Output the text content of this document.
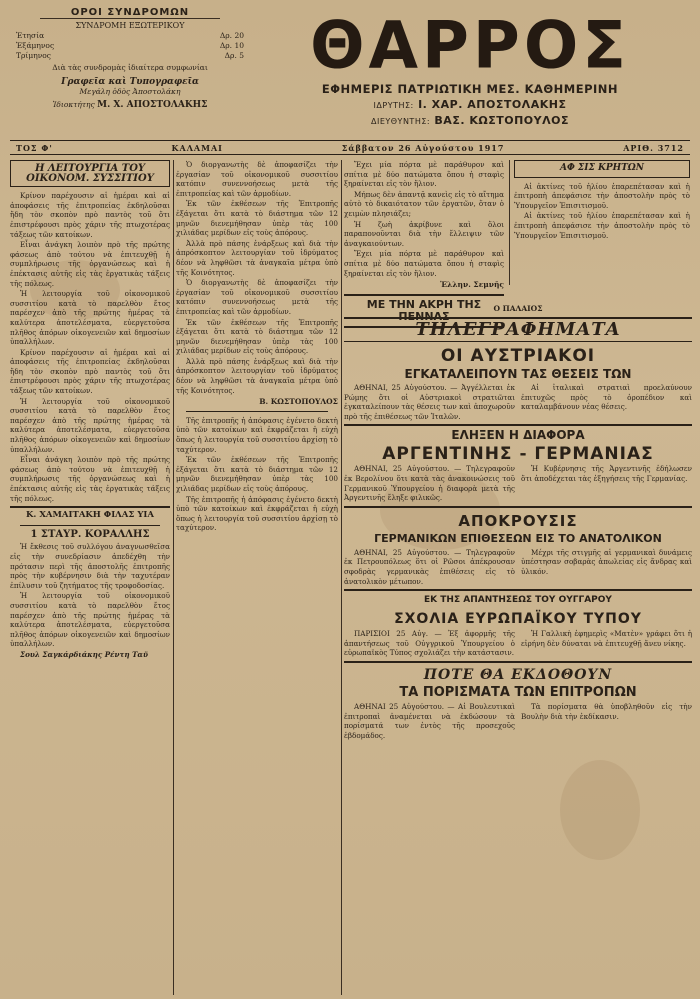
ΟΡΟΙ ΣΥΝΔΡΟΜΩΝ
ΣΥΝΔΡΟΜΗ ΕΞΩΤΕΡΙΚΟΥ
Ἐτησία	Δρ. 20
Ἑξάμηνος	Δρ. 10
Τρίμηνος	Δρ. 5
Διὰ τὰς συνδρομὰς ἰδιαίτερα συμφωνίαι
Γραφεῖα καὶ Τυπογραφεῖα
Μεγάλη ὁδὸς Ἀποστολάκη
Ἰδιοκτήτης Μ. Χ. ΑΠΟΣΤΟΛΑΚΗΣ
ΘΑΡΡΟΣ
ΕΦΗΜΕΡΙΣ ΠΑΤΡΙΩΤΙΚΗ ΜΕΣ. ΚΑΘΗΜΕΡΙΝΗ
ΙΔΡΥΤΗΣ: Ι. ΧΑΡ. ΑΠΟΣΤΟΛΑΚΗΣ
ΔΙΕΥΘΥΝΤΗΣ: ΒΑΣ. ΚΩΣΤΟΠΟΥΛΟΣ
ΤΟΣ Φ'	ΚΑΛΑΜΑΙ	Σάββατον 26 Αὐγούστου 1917	ΑΡΙΘ. 3712
Η ΛΕΙΤΟΥΡΓΙΑ ΤΟΥ ΟΙΚΟΝΟΜ. ΣΥΣΣΙΤΙΟΥ

Κρίνον παρέχουσιν αἱ ἡμέραι καὶ αἱ ἀποφάσεις τῆς ἐπιτροπείας ἐκδηλοῦσαι ἤδη τὸν σκοπὸν πρὸ παντὸς τοῦ ὅτι ἐπιστρέφουσι πρὸς χάριν τῆς πτωχοτέρας τάξεως τῶν κατοίκων.

Εἶναι ἀνάγκη λοιπὸν πρὸ τῆς πρώτης φάσεως ἀπὸ τούτου νὰ ἐπιτευχθῇ ἡ συμπλήρωσις τῆς ὀργανώσεως καὶ ἡ ἐπέκτασις αὐτῆς εἰς τὰς ἐργατικὰς τάξεις τῆς πόλεως.

Ἡ λειτουργία τοῦ οἰκονομικοῦ συσσιτίου κατὰ τὸ παρελθὸν ἔτος παρέσχεν ἀπὸ τῆς πρώτης ἡμέρας τὰ καλύτερα ἀποτελέσματα, εὐεργετοῦσα πλῆθος ἀπόρων οἰκογενειῶν καὶ δημοσίων ὑπαλλήλων.

Κρίνον παρέχουσιν αἱ ἡμέραι καὶ αἱ ἀποφάσεις τῆς ἐπιτροπείας ἐκδηλοῦσαι ἤδη τὸν σκοπὸν πρὸ παντὸς τοῦ ὅτι ἐπιστρέφουσι πρὸς χάριν τῆς πτωχοτέρας τάξεως τῶν κατοίκων.

Ἡ λειτουργία τοῦ οἰκονομικοῦ συσσιτίου κατὰ τὸ παρελθὸν ἔτος παρέσχεν ἀπὸ τῆς πρώτης ἡμέρας τὰ καλύτερα ἀποτελέσματα, εὐεργετοῦσα πλῆθος ἀπόρων οἰκογενειῶν καὶ δημοσίων ὑπαλλήλων.

Εἶναι ἀνάγκη λοιπὸν πρὸ τῆς πρώτης φάσεως ἀπὸ τούτου νὰ ἐπιτευχθῇ ἡ συμπλήρωσις τῆς ὀργανώσεως καὶ ἡ ἐπέκτασις αὐτῆς εἰς τὰς ἐργατικὰς τάξεις τῆς πόλεως.

Κ. ΧΑΜΑΙΤΑΚΗ ΦΙΛΑΣ ΥΙΑ
1 ΣΤΑΥΡ. ΚΟΡΑΛΛΗΣ

Ἡ ἔκθεσις τοῦ συλλόγου ἀναγνωσθεῖσα εἰς τὴν συνεδρίασιν ἀπεδέχθη τὴν πρότασιν περὶ τῆς ἀποστολῆς ἐπιτροπῆς πρὸς τὴν κυβέρνησιν διὰ τὴν ταχυτέραν ἐπίλυσιν τοῦ ζητήματος τῆς τροφοδοσίας.

Ἡ λειτουργία τοῦ οἰκονομικοῦ συσσιτίου κατὰ τὸ παρελθὸν ἔτος παρέσχεν ἀπὸ τῆς πρώτης ἡμέρας τὰ καλύτερα ἀποτελέσματα, εὐεργετοῦσα πλῆθος ἀπόρων οἰκογενειῶν καὶ δημοσίων ὑπαλλήλων.

Σουλ Σαγκάρδιάκης Ρέντη Ταϋ

Ὁ διοργανωτὴς δὲ ἀποφασίζει τὴν ἐργασίαν τοῦ οἰκονομικοῦ συσσιτίου κατόπιν συνεννοήσεως μετὰ τῆς ἐπιτροπείας καὶ τῶν ἁρμοδίων.

Ἐκ τῶν ἐκθέσεων τῆς Ἐπιτροπῆς ἐξάγεται ὅτι κατὰ τὸ διάστημα τῶν 12 μηνῶν διενεμήθησαν ὑπὲρ τὰς 100 χιλιάδας μερίδων εἰς τοὺς ἀπόρους.

Ἀλλὰ πρὸ πάσης ἐνάρξεως καὶ διὰ τὴν ἀπρόσκοπτον λειτουργίαν τοῦ ἱδρύματος δέον νὰ ληφθῶσι τὰ ἀναγκαῖα μέτρα ὑπὸ τῆς Κοινότητος.

Ὁ διοργανωτὴς δὲ ἀποφασίζει τὴν ἐργασίαν τοῦ οἰκονομικοῦ συσσιτίου κατόπιν συνεννοήσεως μετὰ τῆς ἐπιτροπείας καὶ τῶν ἁρμοδίων.

Ἐκ τῶν ἐκθέσεων τῆς Ἐπιτροπῆς ἐξάγεται ὅτι κατὰ τὸ διάστημα τῶν 12 μηνῶν διενεμήθησαν ὑπὲρ τὰς 100 χιλιάδας μερίδων εἰς τοὺς ἀπόρους.

Ἀλλὰ πρὸ πάσης ἐνάρξεως καὶ διὰ τὴν ἀπρόσκοπτον λειτουργίαν τοῦ ἱδρύματος δέον νὰ ληφθῶσι τὰ ἀναγκαῖα μέτρα ὑπὸ τῆς Κοινότητος.

Β. ΚΩΣΤΟΠΟΥΛΟΣ

Τῆς ἐπιτροπῆς ἡ ἀπόφασις ἐγένετο δεκτὴ ὑπὸ τῶν κατοίκων καὶ ἐκφράζεται ἡ εὐχὴ ὅπως ἡ λειτουργία τοῦ συσσιτίου ἀρχίσῃ τὸ ταχύτερον.

Ἐκ τῶν ἐκθέσεων τῆς Ἐπιτροπῆς ἐξάγεται ὅτι κατὰ τὸ διάστημα τῶν 12 μηνῶν διενεμήθησαν ὑπὲρ τὰς 100 χιλιάδας μερίδων εἰς τοὺς ἀπόρους.

Τῆς ἐπιτροπῆς ἡ ἀπόφασις ἐγένετο δεκτὴ ὑπὸ τῶν κατοίκων καὶ ἐκφράζεται ἡ εὐχὴ ὅπως ἡ λειτουργία τοῦ συσσιτίου ἀρχίσῃ τὸ ταχύτερον.

Ἔχει μία πόρτα μὲ παράθυρον καὶ σπίτια μὲ δύο πατώματα ὅπου ἡ σταφὶς ξηραίνεται εἰς τὸν ἥλιον.

Μήπως δὲν ἀπαντᾷ κανεὶς εἰς τὸ αἴτημα αὐτὸ τὸ δικαιότατον τῶν ἐργατῶν, ὅταν ὁ χειμὼν πλησιάζει;

Ἡ ζωὴ ἀκρίβυνε καὶ ὅλοι παραπονοῦνται διὰ τὴν ἔλλειψιν τῶν ἀναγκαιούντων.

Ἔχει μία πόρτα μὲ παράθυρον καὶ σπίτια μὲ δύο πατώματα ὅπου ἡ σταφὶς ξηραίνεται εἰς τὸν ἥλιον.

Ἑλλην. Σεμνῆς
ΜΕ ΤΗΝ ΑΚΡΗ ΤΗΣ ΠΕΝΝΑΣ
ΑΦ ΣΙΣ ΚΡΗΤΩΝ

Αἱ ἀκτίνες τοῦ ἡλίου ἐπαρεπέτασαν καὶ ἡ ἐπιτροπὴ ἀπεφάσισε τὴν ἀποστολὴν πρὸς τὸ Ὑπουργεῖον Ἐπισιτισμοῦ.

Αἱ ἀκτίνες τοῦ ἡλίου ἐπαρεπέτασαν καὶ ἡ ἐπιτροπὴ ἀπεφάσισε τὴν ἀποστολὴν πρὸς τὸ Ὑπουργεῖον Ἐπισιτισμοῦ.

Ο ΠΑΛΑΙΟΣ
ΤΗΛΕΓΡΑΦΗΜΑΤΑ
ΟΙ ΑΥΣΤΡΙΑΚΟΙ
ΕΓΚΑΤΑΛΕΙΠΟΥΝ ΤΑΣ ΘΕΣΕΙΣ ΤΩΝ

ΑΘΗΝΑΙ, 25 Αὐγούστου. — Ἀγγέλλεται ἐκ Ρώμης ὅτι οἱ Αὐστριακοὶ στρατιῶται ἐγκαταλείπουν τὰς θέσεις των καὶ ἀποχωροῦν πρὸ τῆς ἐπιθέσεως τῶν Ἰταλῶν.

Αἱ ἰταλικαὶ στρατιαὶ προελαύνουν ἐπιτυχῶς πρὸς τὸ ὀροπέδιον καὶ καταλαμβάνουν νέας θέσεις.

ΕΛΗΞΕΝ Η ΔΙΑΦΟΡΑ
ΑΡΓΕΝΤΙΝΗΣ - ΓΕΡΜΑΝΙΑΣ

ΑΘΗΝΑΙ, 25 Αὐγούστου. — Τηλεγραφοῦν ἐκ Βερολίνου ὅτι κατὰ τὰς ἀνακοινώσεις τοῦ Γερμανικοῦ Ὑπουργείου ἡ διαφορὰ μετὰ τῆς Ἀργεντινῆς ἔληξε φιλικῶς.

Ἡ Κυβέρνησις τῆς Ἀργεντινῆς ἐδήλωσεν ὅτι ἀποδέχεται τὰς ἐξηγήσεις τῆς Γερμανίας.

ΑΠΟΚΡΟΥΣΙΣ
ΓΕΡΜΑΝΙΚΩΝ ΕΠΙΘΕΣΕΩΝ ΕΙΣ ΤΟ ΑΝΑΤΟΛΙΚΟΝ

ΑΘΗΝΑΙ, 25 Αὐγούστου. — Τηλεγραφοῦν ἐκ Πετρουπόλεως ὅτι οἱ Ρῶσοι ἀπέκρουσαν σφοδρὰς γερμανικὰς ἐπιθέσεις εἰς τὸ ἀνατολικὸν μέτωπον.

Μέχρι τῆς στιγμῆς αἱ γερμανικαὶ δυνάμεις ὑπέστησαν σοβαρὰς ἀπωλείας εἰς ἄνδρας καὶ ὑλικόν.

ΕΚ ΤΗΣ ΑΠΑΝΤΗΣΕΩΣ ΤΟΥ ΟΥΓΓΑΡΟΥ
ΣΧΟΛΙΑ ΕΥΡΩΠΑΪΚΟΥ ΤΥΠΟΥ

ΠΑΡΙΣΙΟΙ 25 Αὐγ. — Ἐξ ἀφορμῆς τῆς ἀπαντήσεως τοῦ Οὐγγρικοῦ Ὑπουργείου ὁ εὐρωπαϊκὸς Τύπος σχολιάζει τὴν κατάστασιν.

Ἡ Γαλλικὴ ἐφημερὶς «Ματὲν» γράφει ὅτι ἡ εἰρήνη δὲν δύναται νὰ ἐπιτευχθῇ ἄνευ νίκης.

ΠΟΤΕ ΘΑ ΕΚΔΟΘΟΥΝ
ΤΑ ΠΟΡΙΣΜΑΤΑ ΤΩΝ ΕΠΙΤΡΟΠΩΝ

ΑΘΗΝΑΙ 25 Αὐγούστου. — Αἱ Βουλευτικαὶ ἐπιτροπαὶ ἀναμένεται νὰ ἐκδώσουν τὰ πορίσματά των ἐντὸς τῆς προσεχοῦς ἑβδομάδος.

Τὰ πορίσματα θὰ ὑποβληθοῦν εἰς τὴν Βουλὴν διὰ τὴν ἐκδίκασιν.
